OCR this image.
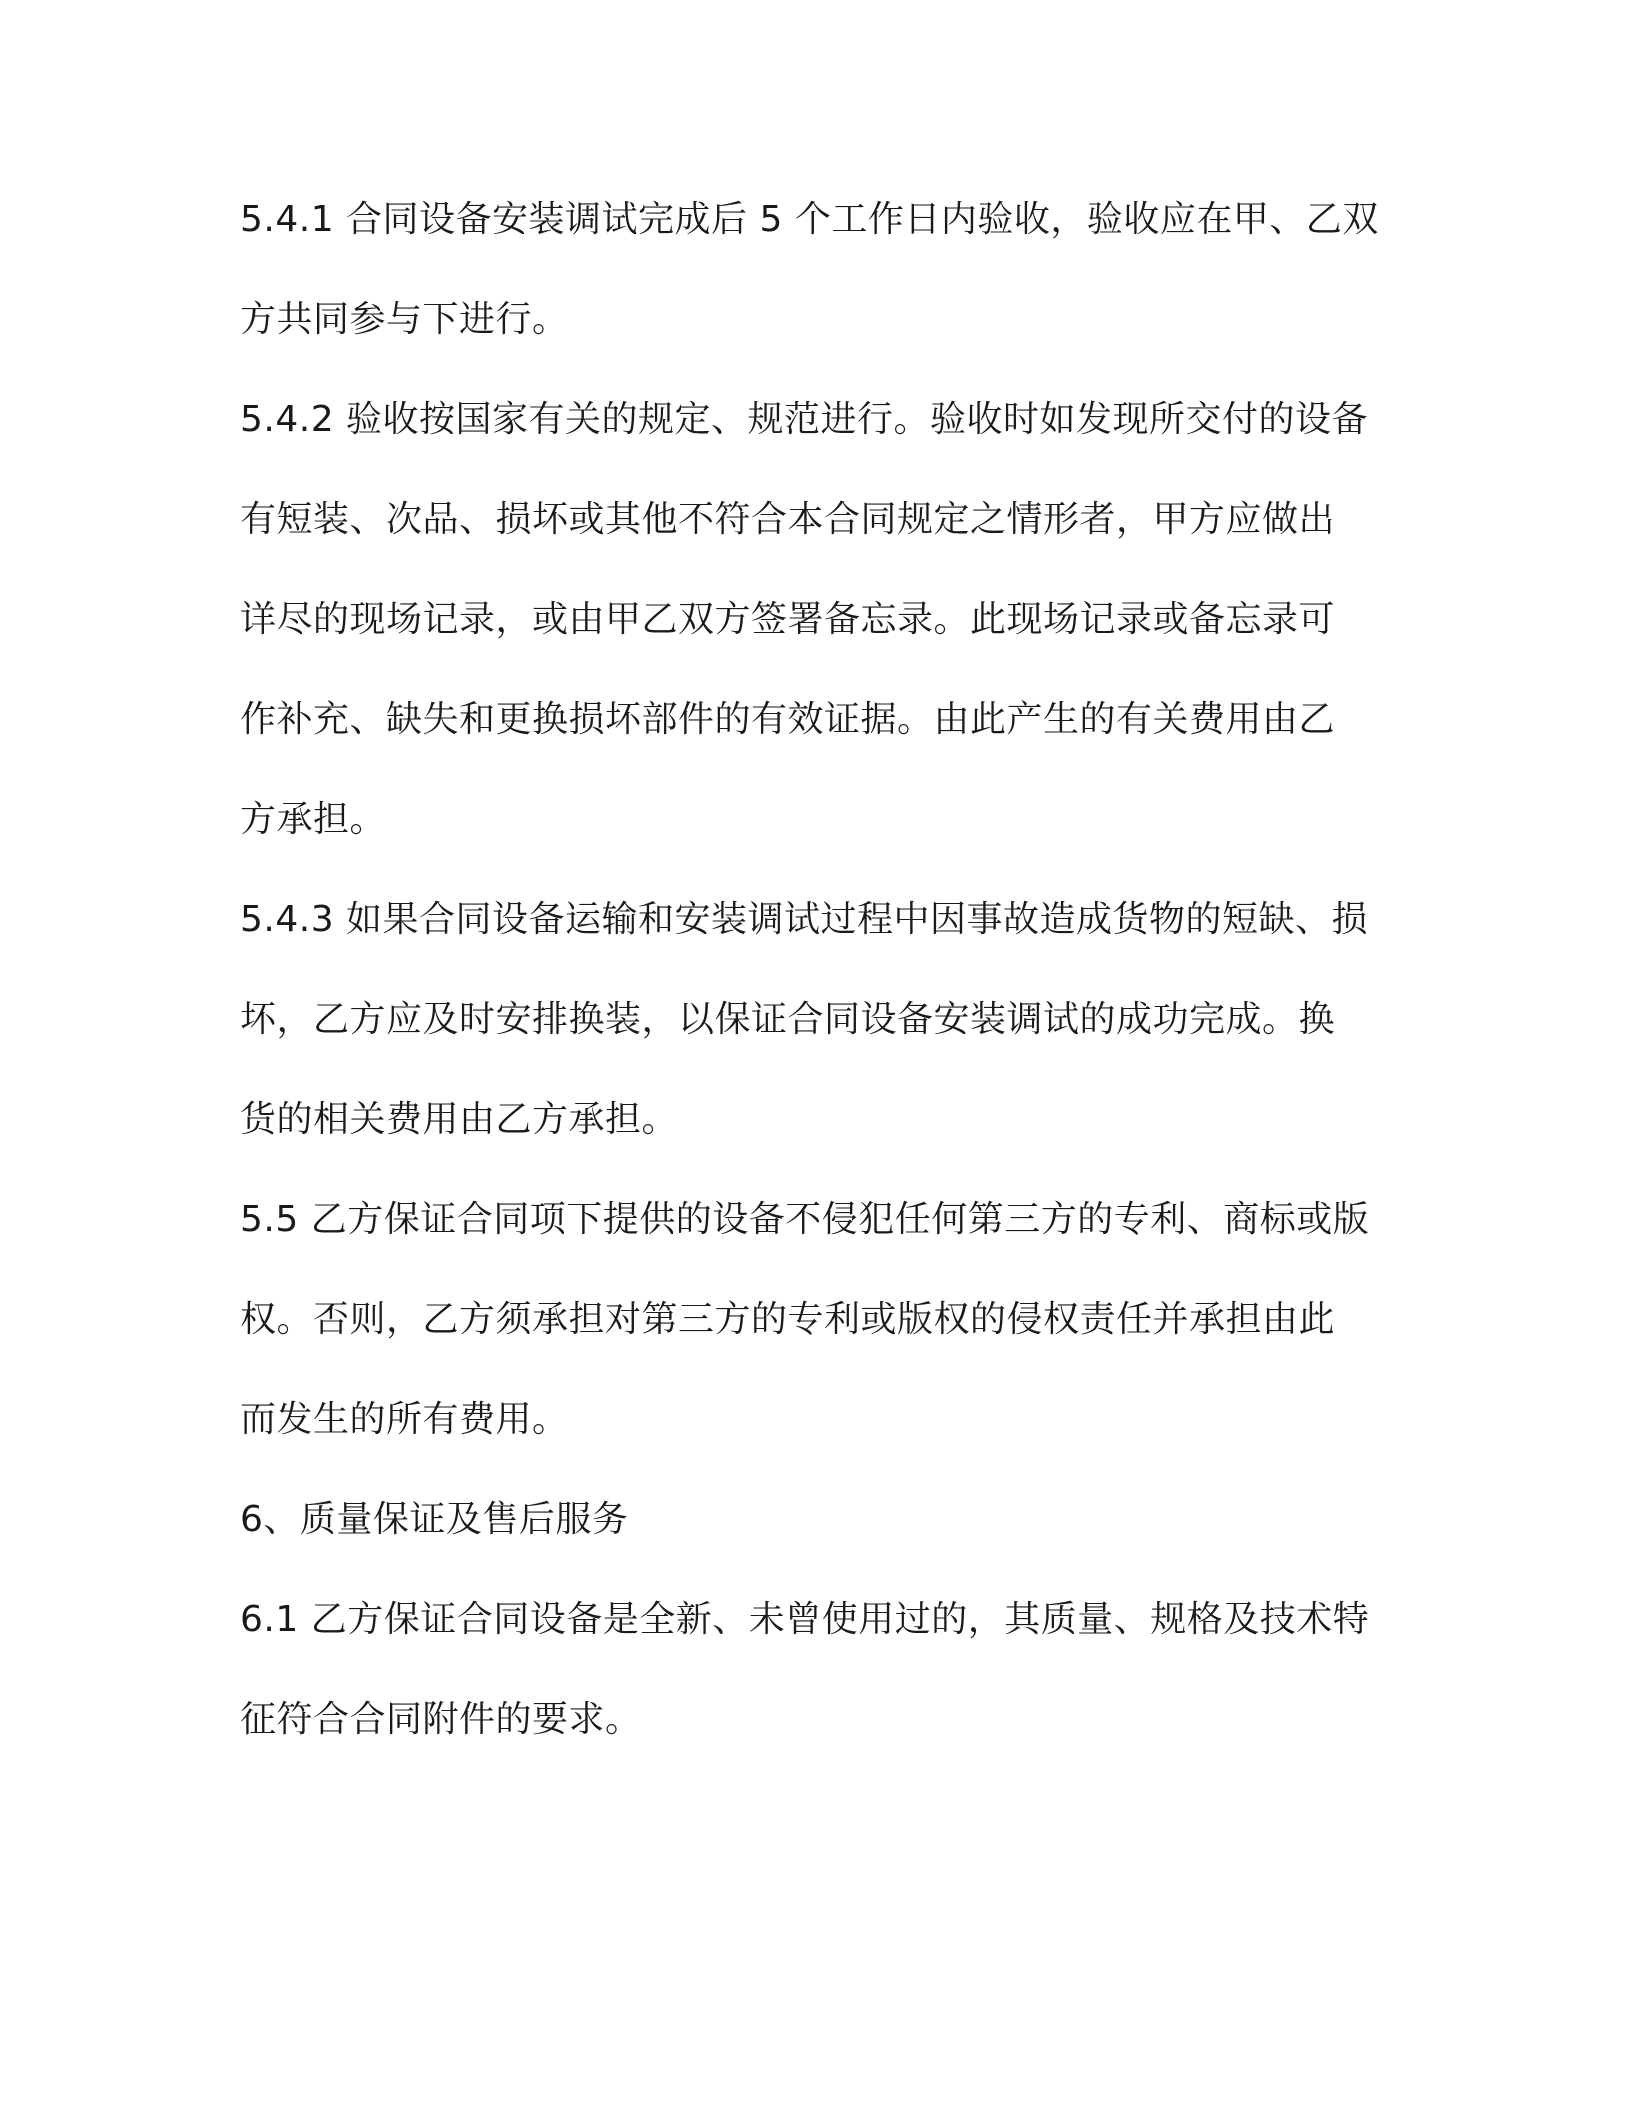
5.4.1 合同设备安装调试完成后 5 个工作日内验收，验收应在甲、乙双
方共同参与下进行。
5.4.2 验收按国家有关的规定、规范进行。验收时如发现所交付的设备
有短装、次品、损坏或其他不符合本合同规定之情形者，甲方应做出
详尽的现场记录，或由甲乙双方签署备忘录。此现场记录或备忘录可
作补充、缺失和更换损坏部件的有效证据。由此产生的有关费用由乙
方承担。
5.4.3 如果合同设备运输和安装调试过程中因事故造成货物的短缺、损
坏，乙方应及时安排换装，以保证合同设备安装调试的成功完成。换
货的相关费用由乙方承担。
5.5 乙方保证合同项下提供的设备不侵犯任何第三方的专利、商标或版
权。否则，乙方须承担对第三方的专利或版权的侵权责任并承担由此
而发生的所有费用。
6、质量保证及售后服务
6.1 乙方保证合同设备是全新、未曾使用过的，其质量、规格及技术特
征符合合同附件的要求。
